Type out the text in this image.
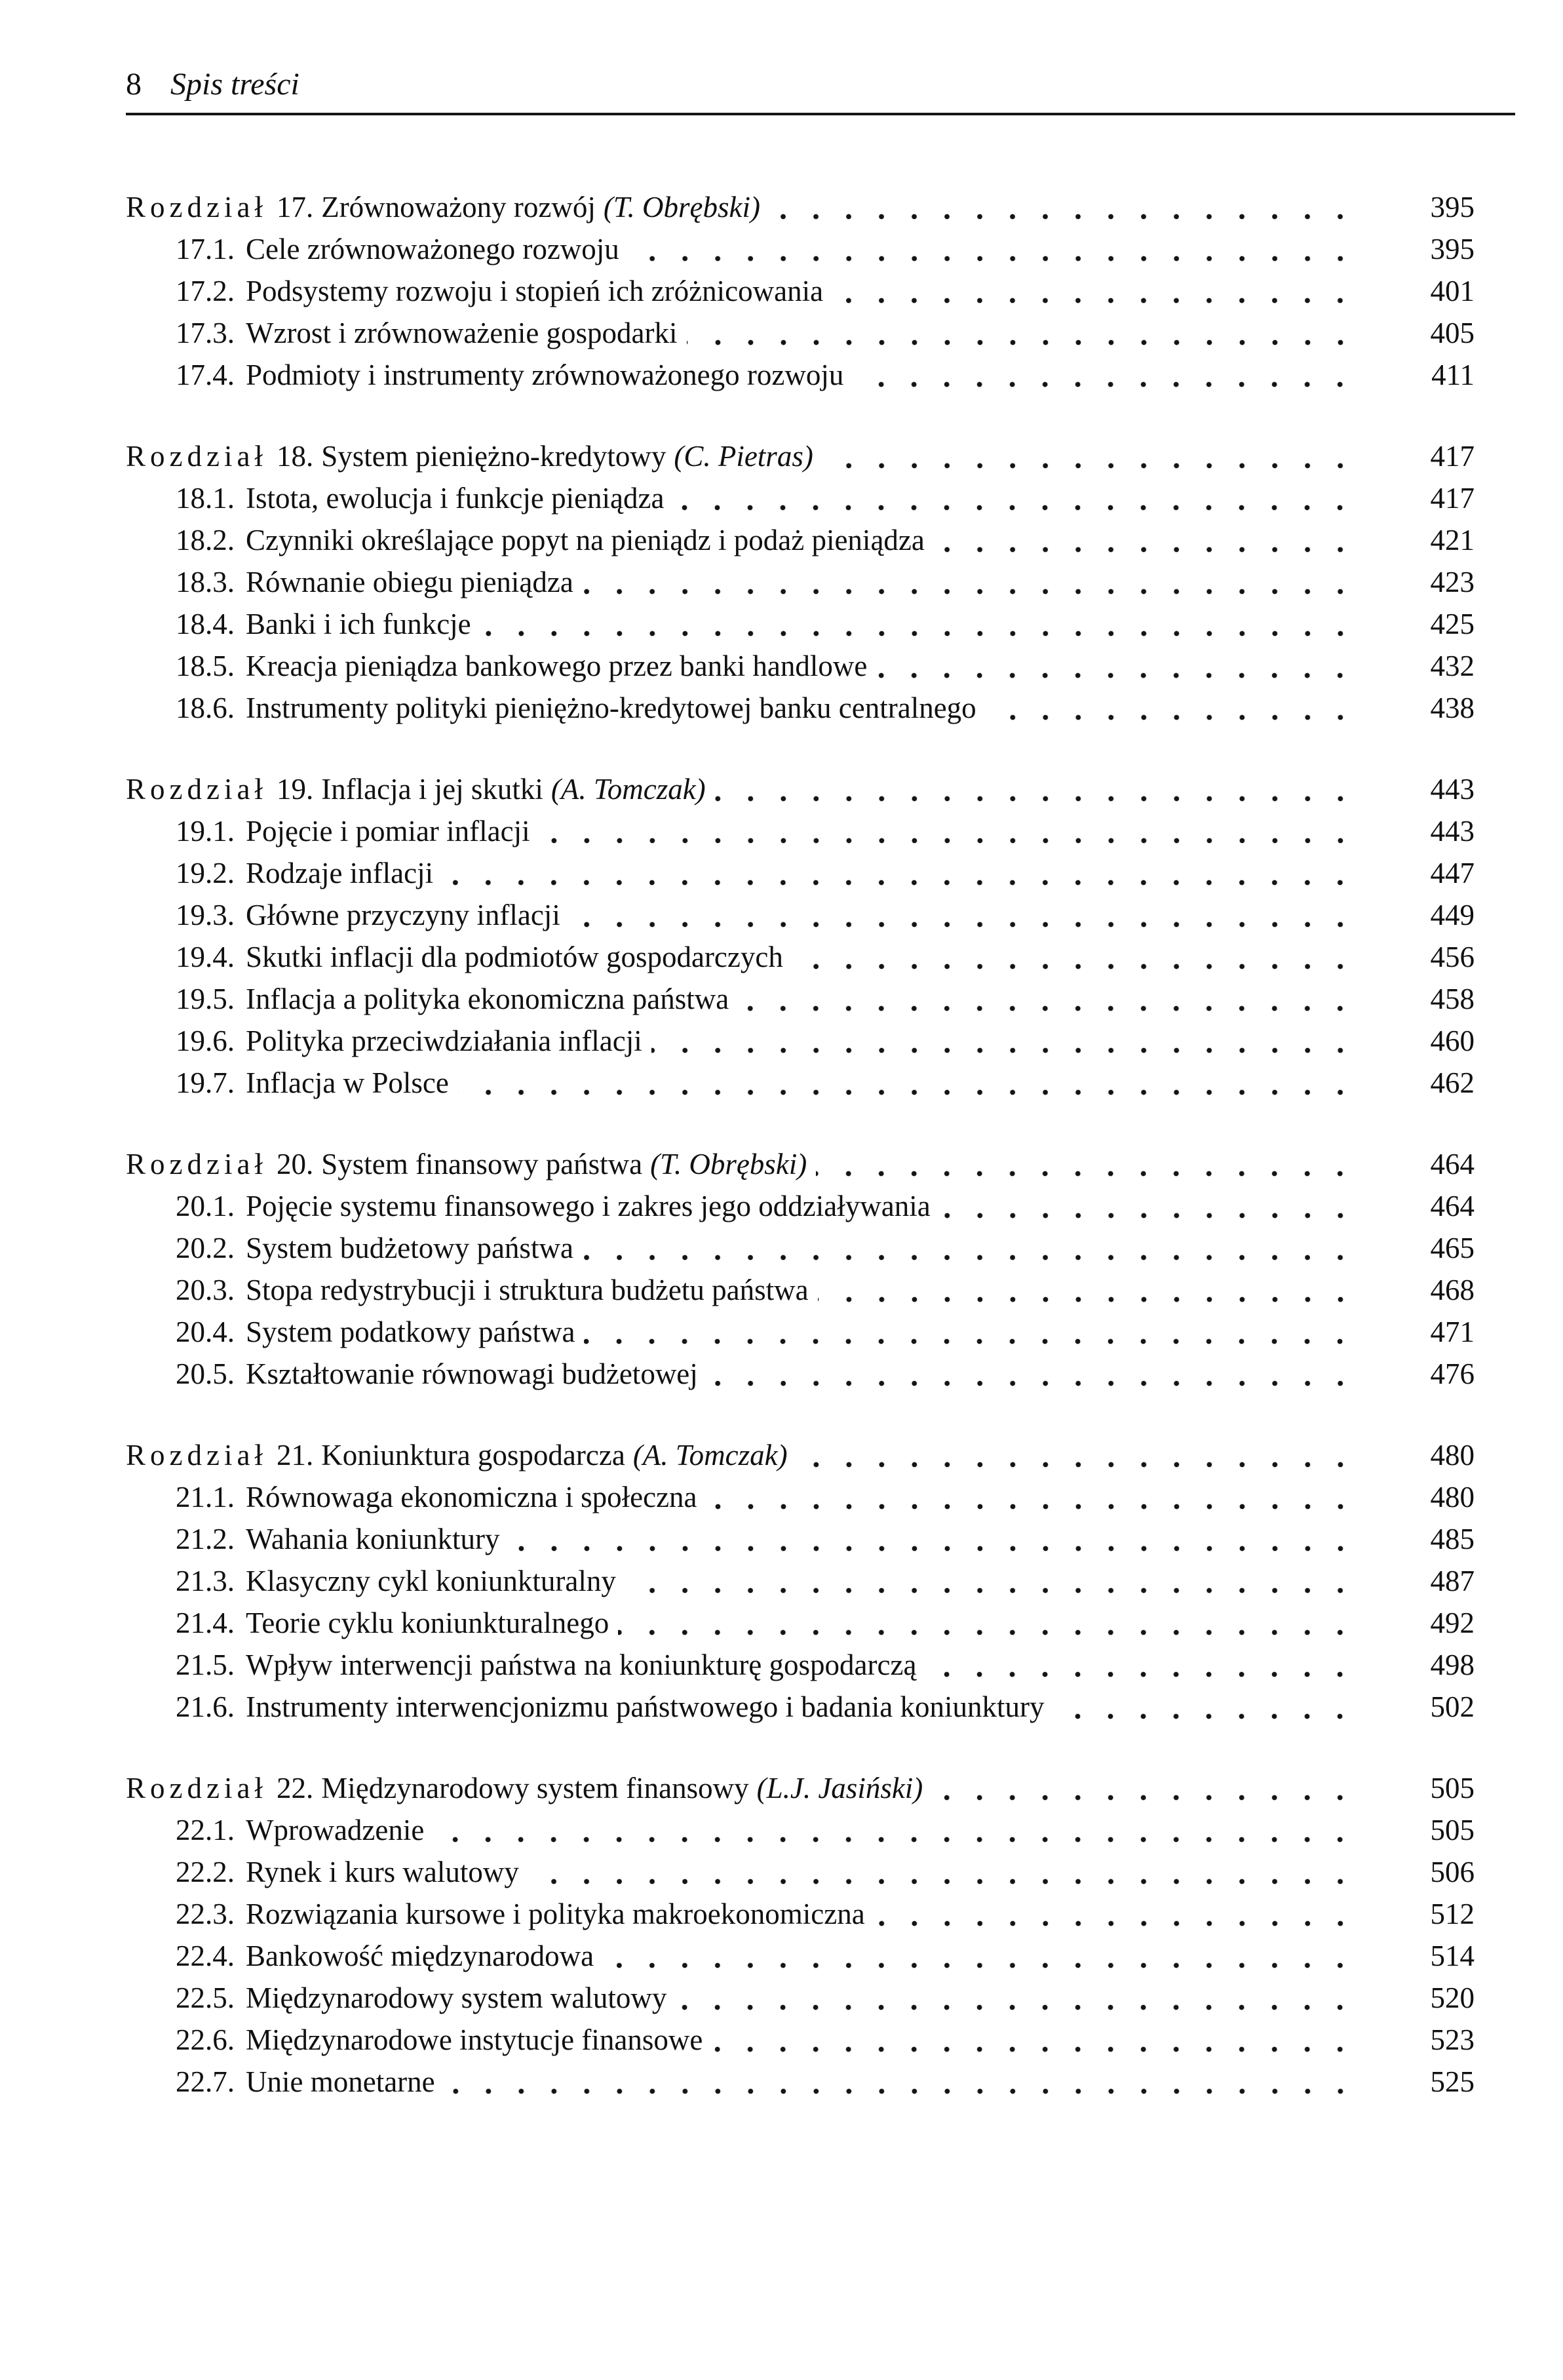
8 Spis treści
Rozdział 17. Zrównoważony rozwój (T. Obrębski)	395
17.1. Cele zrównoważonego rozwoju	395
17.2. Podsystemy rozwoju i stopień ich zróżnicowania	401
17.3. Wzrost i zrównoważenie gospodarki	405
17.4. Podmioty i instrumenty zrównoważonego rozwoju	411
Rozdział 18. System pieniężno-kredytowy (C. Pietras)	417
18.1. Istota, ewolucja i funkcje pieniądza	417
18.2. Czynniki określające popyt na pieniądz i podaż pieniądza	421
18.3. Równanie obiegu pieniądza	423
18.4. Banki i ich funkcje	425
18.5. Kreacja pieniądza bankowego przez banki handlowe	432
18.6. Instrumenty polityki pieniężno-kredytowej banku centralnego	438
Rozdział 19. Inflacja i jej skutki (A. Tomczak)	443
19.1. Pojęcie i pomiar inflacji	443
19.2. Rodzaje inflacji	447
19.3. Główne przyczyny inflacji	449
19.4. Skutki inflacji dla podmiotów gospodarczych	456
19.5. Inflacja a polityka ekonomiczna państwa	458
19.6. Polityka przeciwdziałania inflacji	460
19.7. Inflacja w Polsce	462
Rozdział 20. System finansowy państwa (T. Obrębski)	464
20.1. Pojęcie systemu finansowego i zakres jego oddziaływania	464
20.2. System budżetowy państwa	465
20.3. Stopa redystrybucji i struktura budżetu państwa	468
20.4. System podatkowy państwa	471
20.5. Kształtowanie równowagi budżetowej	476
Rozdział 21. Koniunktura gospodarcza (A. Tomczak)	480
21.1. Równowaga ekonomiczna i społeczna	480
21.2. Wahania koniunktury	485
21.3. Klasyczny cykl koniunkturalny	487
21.4. Teorie cyklu koniunkturalnego	492
21.5. Wpływ interwencji państwa na koniunkturę gospodarczą	498
21.6. Instrumenty interwencjonizmu państwowego i badania koniunktury	502
Rozdział 22. Międzynarodowy system finansowy (L.J. Jasiński)	505
22.1. Wprowadzenie	505
22.2. Rynek i kurs walutowy	506
22.3. Rozwiązania kursowe i polityka makroekonomiczna	512
22.4. Bankowość międzynarodowa	514
22.5. Międzynarodowy system walutowy	520
22.6. Międzynarodowe instytucje finansowe	523
22.7. Unie monetarne	525
